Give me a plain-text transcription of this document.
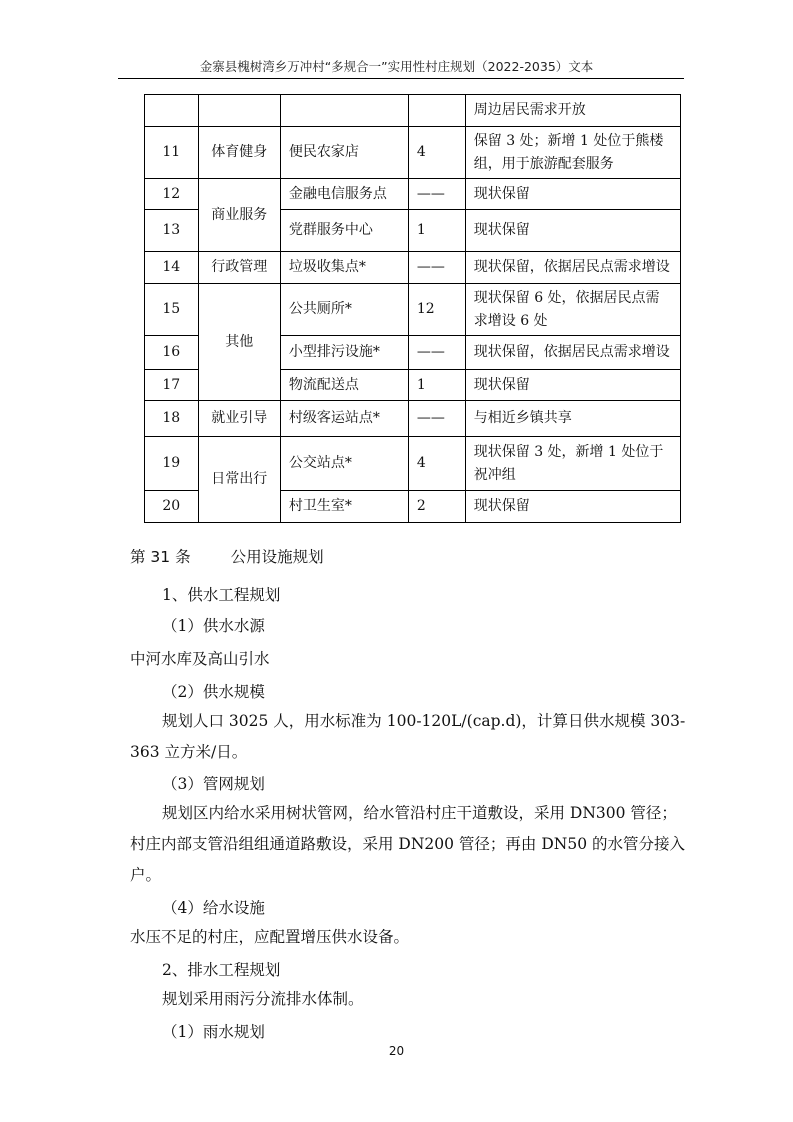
金寨县槐树湾乡万冲村“多规合一”实用性村庄规划（2022-2035）文本
				周边居民需求开放
11	体育健身	便民农家店	4	保留 3 处；新增 1 处位于熊楼组，用于旅游配套服务
12	商业服务	金融电信服务点	——	现状保留
13		党群服务中心	1	现状保留
14	行政管理	垃圾收集点*	——	现状保留，依据居民点需求增设
15	其他	公共厕所*	12	现状保留 6 处，依据居民点需求增设 6 处
16		小型排污设施*	——	现状保留，依据居民点需求增设
17		物流配送点	1	现状保留
18	就业引导	村级客运站点*	——	与相近乡镇共享
19	日常出行	公交站点*	4	现状保留 3 处，新增 1 处位于祝冲组
20		村卫生室*	2	现状保留
第 31 条	公用设施规划
1、供水工程规划
（1）供水水源

中河水库及高山引水

（2）供水规模

规划人口 3025 人，用水标准为 100-120L/(cap.d)，计算日供水规模 303-363 立方米/日。

（3）管网规划

规划区内给水采用树状管网，给水管沿村庄干道敷设，采用 DN300 管径；村庄内部支管沿组组通道路敷设，采用 DN200 管径；再由 DN50 的水管分接入户。

（4）给水设施

水压不足的村庄，应配置增压供水设备。

2、排水工程规划

规划采用雨污分流排水体制。

（1）雨水规划
20
